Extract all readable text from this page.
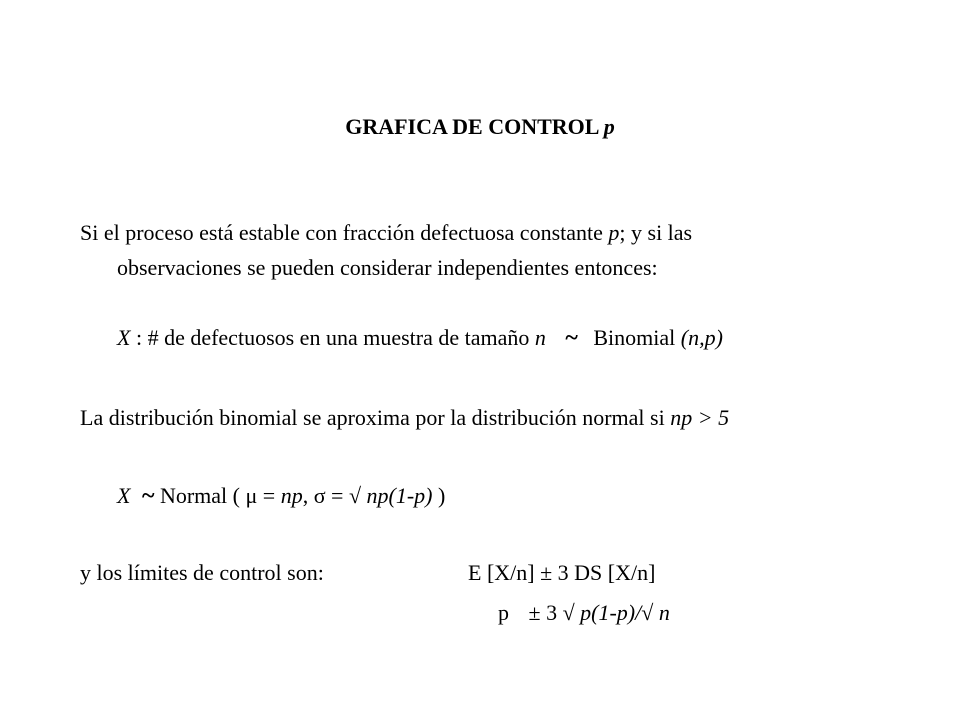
GRAFICA DE CONTROL p
Si el proceso está estable con fracción defectuosa constante p; y si las
observaciones se pueden considerar independientes entonces:
X : # de defectuosos en una muestra de tamaño n ~ Binomial (n,p)
La distribución binomial se aproxima por la distribución normal si np > 5
X ~ Normal ( μ = np, σ = √ np(1-p) )
y los límites de control son:	E [X/n] ± 3 DS [X/n]
p ± 3 √ p(1-p)/√ n
